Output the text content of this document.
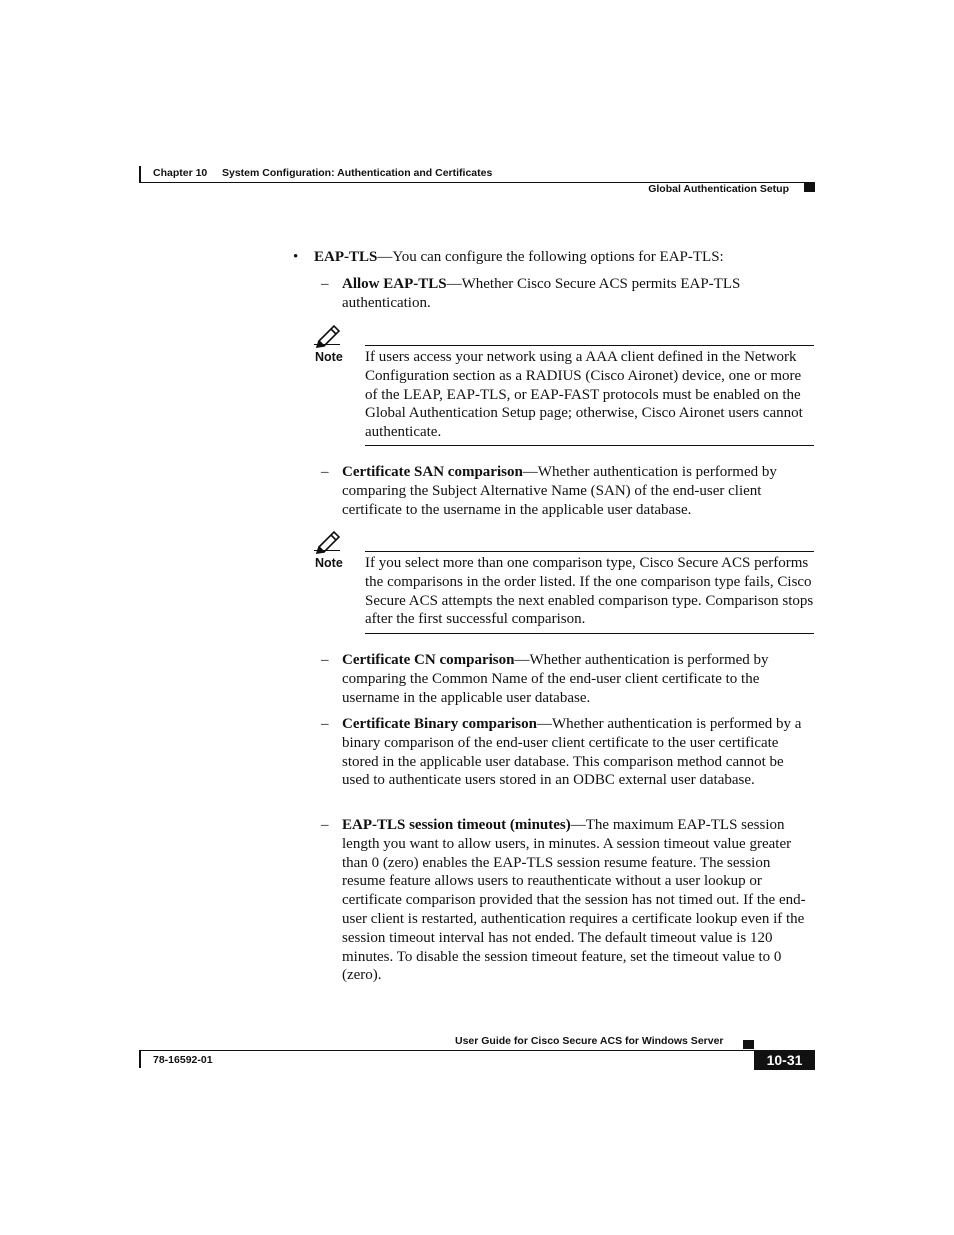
Chapter 10 System Configuration: Authentication and Certificates
Global Authentication Setup
• EAP-TLS—You can configure the following options for EAP-TLS:
– Allow EAP-TLS—Whether Cisco Secure ACS permits EAP-TLS authentication.
Note If users access your network using a AAA client defined in the Network Configuration section as a RADIUS (Cisco Aironet) device, one or more of the LEAP, EAP-TLS, or EAP-FAST protocols must be enabled on the Global Authentication Setup page; otherwise, Cisco Aironet users cannot authenticate.
– Certificate SAN comparison—Whether authentication is performed by comparing the Subject Alternative Name (SAN) of the end-user client certificate to the username in the applicable user database.
Note If you select more than one comparison type, Cisco Secure ACS performs the comparisons in the order listed. If the one comparison type fails, Cisco Secure ACS attempts the next enabled comparison type. Comparison stops after the first successful comparison.
– Certificate CN comparison—Whether authentication is performed by comparing the Common Name of the end-user client certificate to the username in the applicable user database.
– Certificate Binary comparison—Whether authentication is performed by a binary comparison of the end-user client certificate to the user certificate stored in the applicable user database. This comparison method cannot be used to authenticate users stored in an ODBC external user database.
– EAP-TLS session timeout (minutes)—The maximum EAP-TLS session length you want to allow users, in minutes. A session timeout value greater than 0 (zero) enables the EAP-TLS session resume feature. The session resume feature allows users to reauthenticate without a user lookup or certificate comparison provided that the session has not timed out. If the end-user client is restarted, authentication requires a certificate lookup even if the session timeout interval has not ended. The default timeout value is 120 minutes. To disable the session timeout feature, set the timeout value to 0 (zero).
User Guide for Cisco Secure ACS for Windows Server
78-16592-01	10-31
